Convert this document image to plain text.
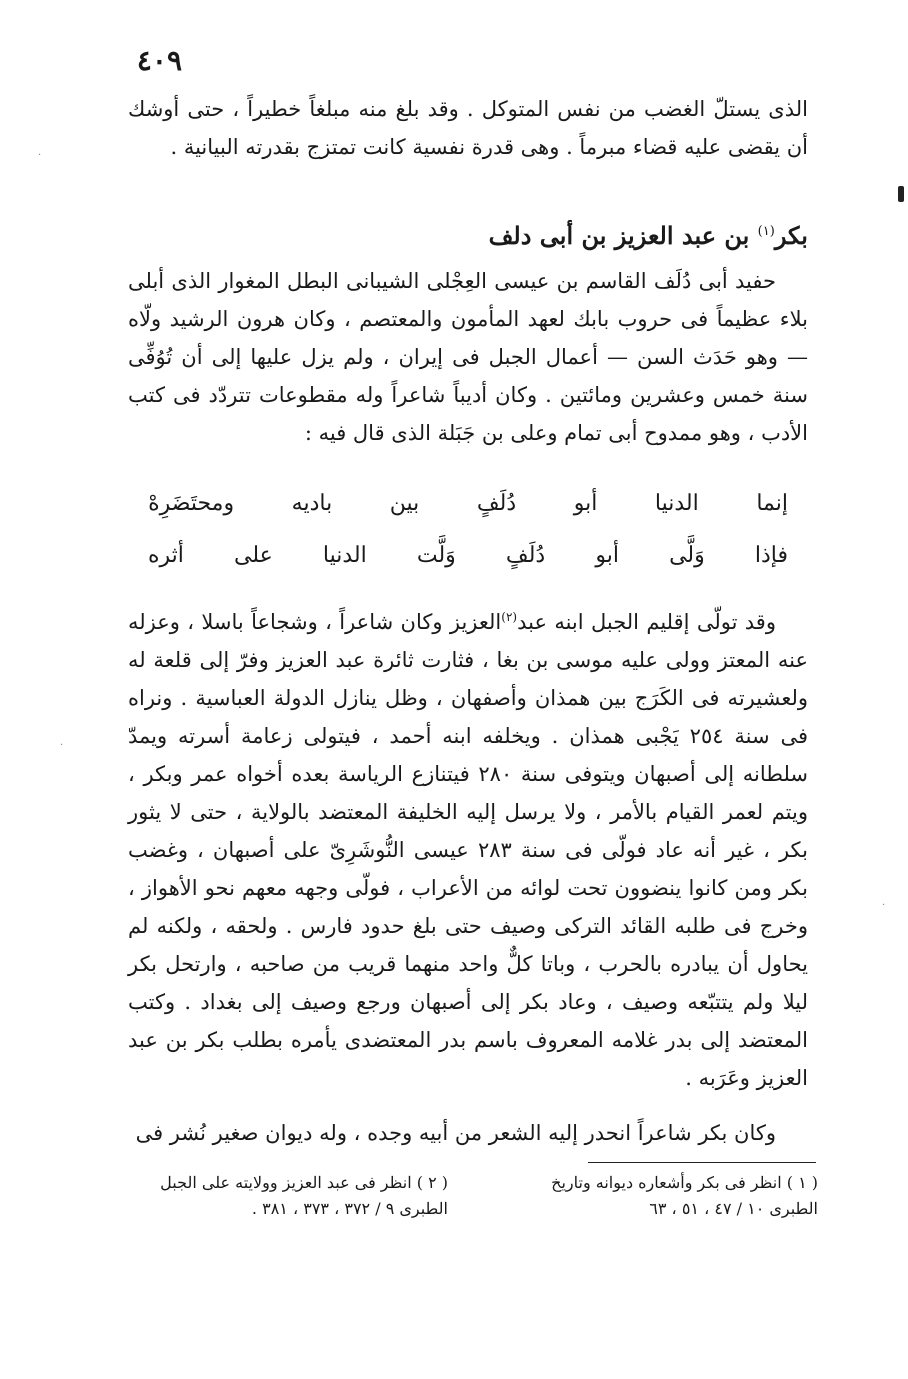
٤٠٩
الذى يستلّ الغضب من نفس المتوكل . وقد بلغ منه مبلغاً خطيراً ، حتى أوشك أن يقضى عليه قضاء مبرماً . وهى قدرة نفسية كانت تمتزج بقدرته البيانية .
بكر$^{(١)}$ بن عبد العزيز بن أبى دلف
حفيد أبى دُلَف القاسم بن عيسى العِجْلى الشيبانى البطل المغوار الذى أبلى بلاء عظيماً فى حروب بابك لعهد المأمون والمعتصم ، وكان هرون الرشيد ولّاه — وهو حَدَث السن — أعمال الجبل فى إيران ، ولم يزل عليها إلى أن تُوُفِّى سنة خمس وعشرين ومائتين . وكان أديباً شاعراً وله مقطوعات تتردّد فى كتب الأدب ، وهو ممدوح أبى تمام وعلى بن جَبَلة الذى قال فيه :
إنما
الدنيا
أبو
دُلَفٍ
بين
باديه
ومحتَضَرِهْ
فإذا
وَلَّى
أبو
دُلَفٍ
وَلَّت
الدنيا
على
أثره
وقد تولّى إقليم الجبل ابنه عبد$^{(٢)}$العزيز وكان شاعراً ، وشجاعاً باسلا ، وعزله عنه المعتز وولى عليه موسى بن بغا ، فثارت ثائرة عبد العزيز وفرّ إلى قلعة له ولعشيرته فى الكَرَج بين همذان وأصفهان ، وظل ينازل الدولة العباسية . ونراه فى سنة ٢٥٤ يَجْبى همذان . ويخلفه ابنه أحمد ، فيتولى زعامة أسرته ويمدّ سلطانه إلى أصبهان ويتوفى سنة ٢٨٠ فيتنازع الرياسة بعده أخواه عمر وبكر ، ويتم لعمر القيام بالأمر ، ولا يرسل إليه الخليفة المعتضد بالولاية ، حتى لا يثور بكر ، غير أنه عاد فولّى فى سنة ٢٨٣ عيسى النُّوشَرِىّ على أصبهان ، وغضب بكر ومن كانوا ينضوون تحت لوائه من الأعراب ، فولّى وجهه معهم نحو الأهواز ، وخرج فى طلبه القائد التركى وصيف حتى بلغ حدود فارس . ولحقه ، ولكنه لم يحاول أن يبادره بالحرب ، وباتا كلٌّ واحد منهما قريب من صاحبه ، وارتحل بكر ليلا ولم يتتبّعه وصيف ، وعاد بكر إلى أصبهان ورجع وصيف إلى بغداد . وكتب المعتضد إلى بدر غلامه المعروف باسم بدر المعتضدى يأمره بطلب بكر بن عبد العزيز وعَرَبه .
وكان بكر شاعراً انحدر إليه الشعر من أبيه وجده ، وله ديوان صغير نُشر فى
( ١ ) انظر فى بكر وأشعاره ديوانه وتاريخ
الطبرى ١٠ / ٤٧ ، ٥١ ، ٦٣
( ٢ ) انظر فى عبد العزيز وولايته على الجبل
الطبرى ٩ / ٣٧٢ ، ٣٧٣ ، ٣٨١ .
·
·
·
